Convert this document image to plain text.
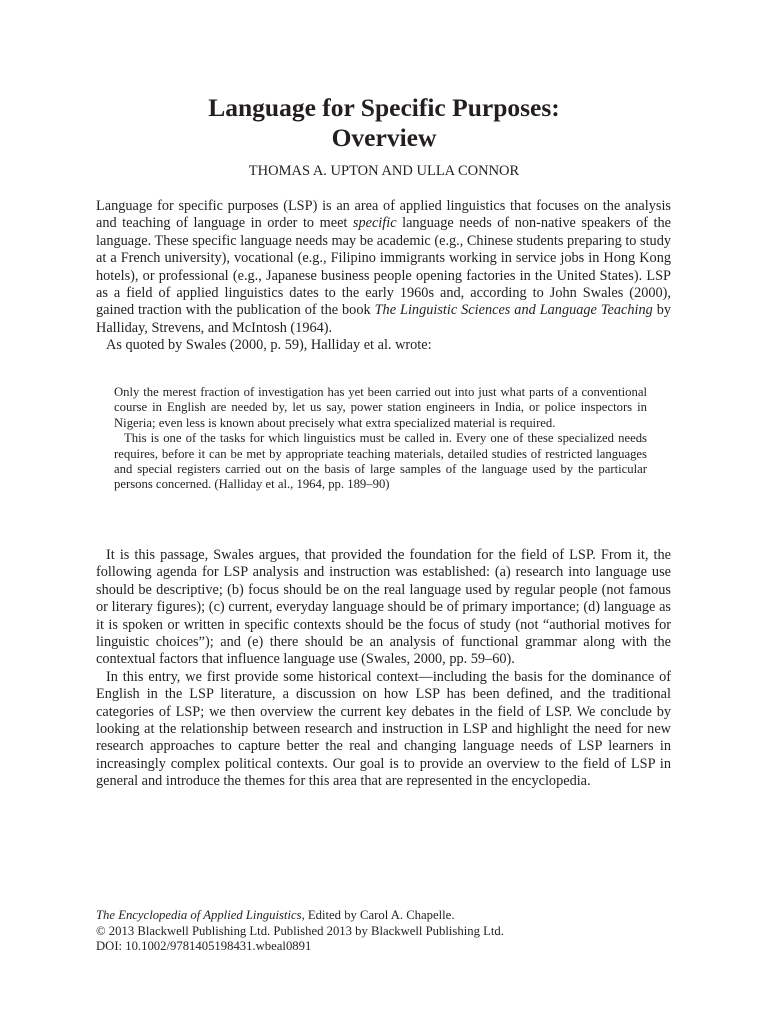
Language for Specific Purposes:
Overview
THOMAS A. UPTON AND ULLA CONNOR

Language for specific purposes (LSP) is an area of applied linguistics that focuses on the analysis and teaching of language in order to meet specific language needs of non-native speakers of the language. These specific language needs may be academic (e.g., Chinese students preparing to study at a French university), vocational (e.g., Filipino immigrants working in service jobs in Hong Kong hotels), or professional (e.g., Japanese business people opening factories in the United States). LSP as a field of applied linguistics dates to the early 1960s and, according to John Swales (2000), gained traction with the publication of the book The Linguistic Sciences and Language Teaching by Halliday, Strevens, and McIntosh (1964).

As quoted by Swales (2000, p. 59), Halliday et al. wrote:

Only the merest fraction of investigation has yet been carried out into just what parts of a conventional course in English are needed by, let us say, power station engineers in India, or police inspectors in Nigeria; even less is known about precisely what extra specialized material is required.

This is one of the tasks for which linguistics must be called in. Every one of these specialized needs requires, before it can be met by appropriate teaching materials, detailed studies of restricted languages and special registers carried out on the basis of large samples of the language used by the particular persons concerned. (Halliday et al., 1964, pp. 189–90)

It is this passage, Swales argues, that provided the foundation for the field of LSP. From it, the following agenda for LSP analysis and instruction was established: (a) research into language use should be descriptive; (b) focus should be on the real language used by regular people (not famous or literary figures); (c) current, everyday language should be of primary importance; (d) language as it is spoken or written in specific contexts should be the focus of study (not “authorial motives for linguistic choices”); and (e) there should be an analysis of functional grammar along with the contextual factors that influence language use (Swales, 2000, pp. 59–60).

In this entry, we first provide some historical context—including the basis for the dominance of English in the LSP literature, a discussion on how LSP has been defined, and the traditional categories of LSP; we then overview the current key debates in the field of LSP. We conclude by looking at the relationship between research and instruction in LSP and highlight the need for new research approaches to capture better the real and changing language needs of LSP learners in increasingly complex political contexts. Our goal is to provide an overview to the field of LSP in general and introduce the themes for this area that are represented in the encyclopedia.

The Encyclopedia of Applied Linguistics, Edited by Carol A. Chapelle.
© 2013 Blackwell Publishing Ltd. Published 2013 by Blackwell Publishing Ltd.
DOI: 10.1002/9781405198431.wbeal0891
